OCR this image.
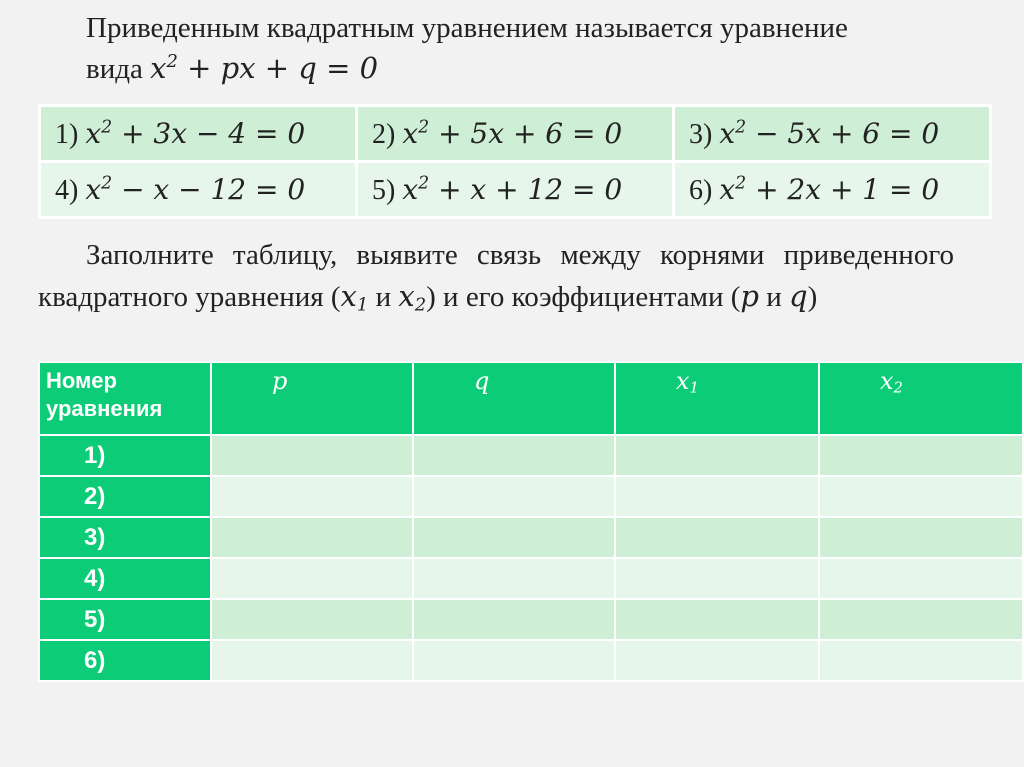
Приведенным квадратным уравнением называется уравнение
вида $x^2$ + px + q = 0
1) $x^2 + 3x - 4 = 0$	2) $x^2 + 5x + 6 = 0$	3) $x^2 - 5x + 6 = 0$
4) $x^2 - x - 12 = 0$	5) $x^2 + x + 12 = 0$	6) $x^2 + 2x + 1 = 0$
Заполните таблицу, выявите связь между корнями приведенного квадратного уравнения ($x_1$ и $x_2$) и его коэффициентами (p и q)
Номер уравнения	p	q	$x_1$	$x_2$
1)				
2)				
3)				
4)				
5)				
6)				
